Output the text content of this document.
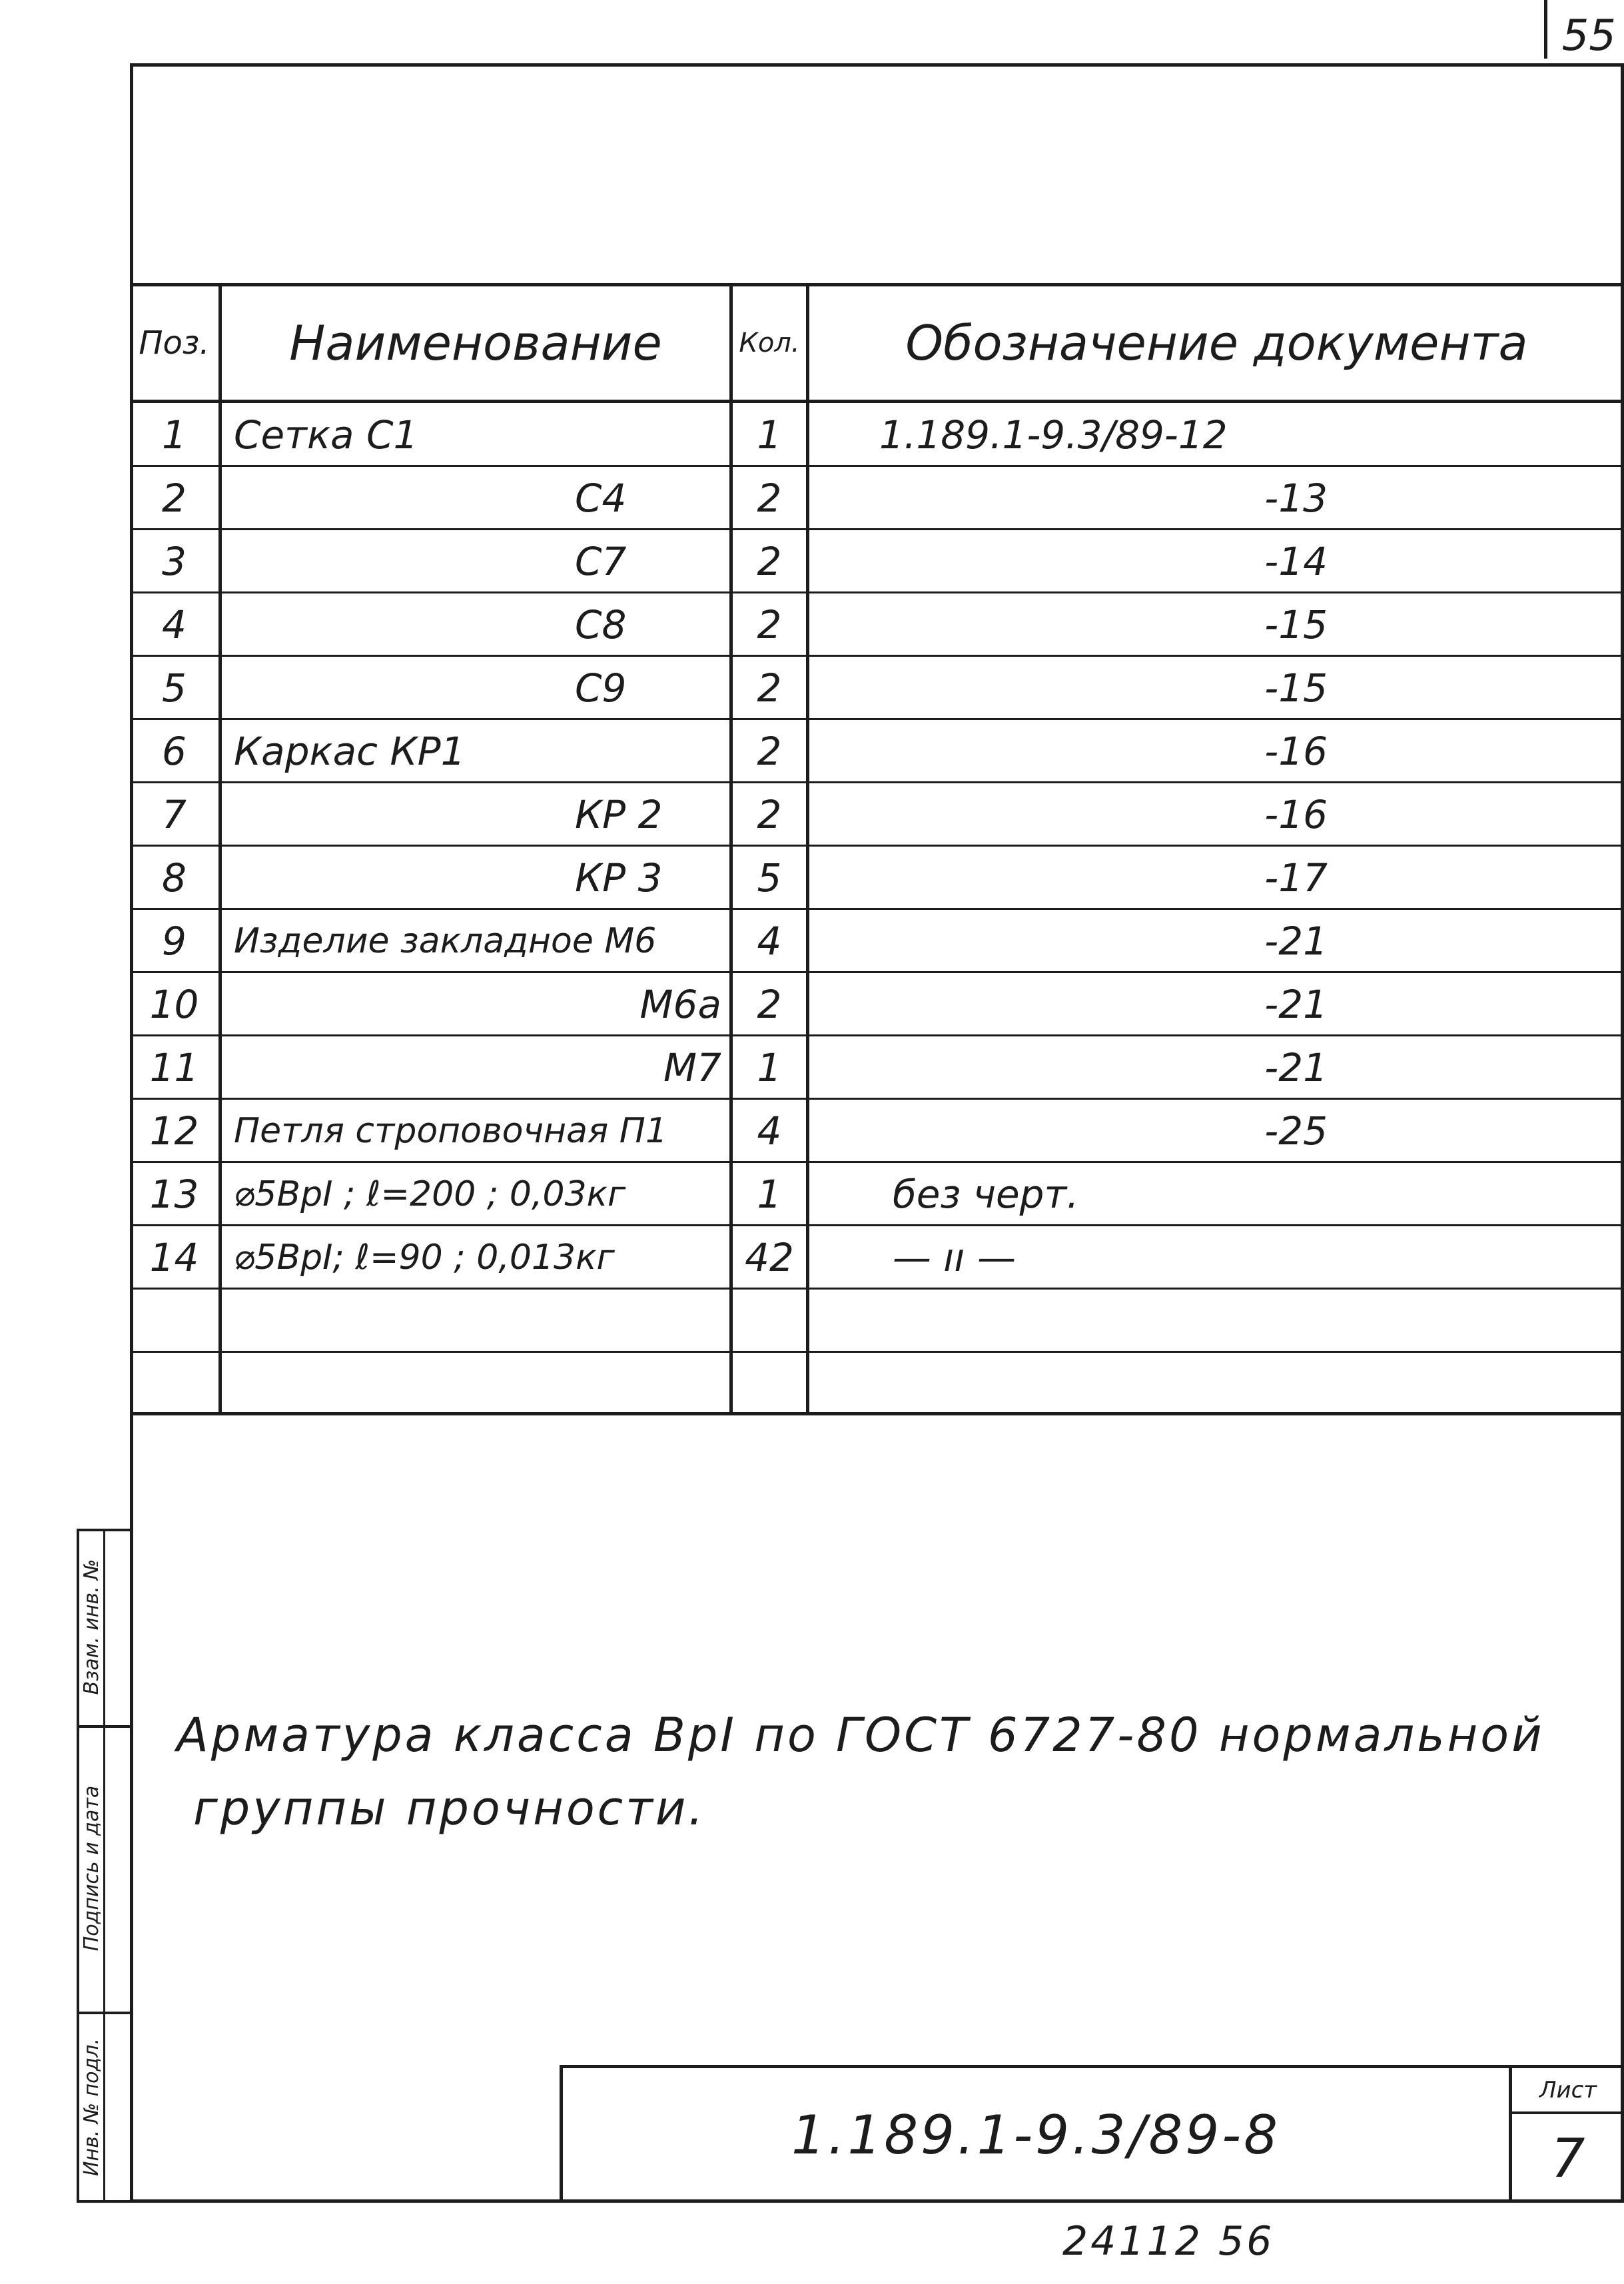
55
Взам. инв. №
Подпись и дата
Инв. № подл.
Поз.	Наименование	Кол.	Обозначение документа
1	Сетка С1	1	1.189.1-9.3/89-12
2	С4	2	-13
3	С7	2	-14
4	С8	2	-15
5	С9	2	-15
6	Каркас КР1	2	-16
7	КР 2	2	-16
8	КР 3	5	-17
9	Изделие закладное М6	4	-21
10	М6а 2	-21
11	М7 1	-21
12	Петля строповочная П1	4	-25
13	⌀5ВрI ; ℓ=200 ; 0,03кг	1	без черт.
14	⌀5ВрI; ℓ=90 ; 0,013кг	42	— ıı —
Арматура класса ВрI по ГОСТ 6727-80 нормальной
группы прочности.
1.189.1-9.3/89-8
Лист
7
24112 56
